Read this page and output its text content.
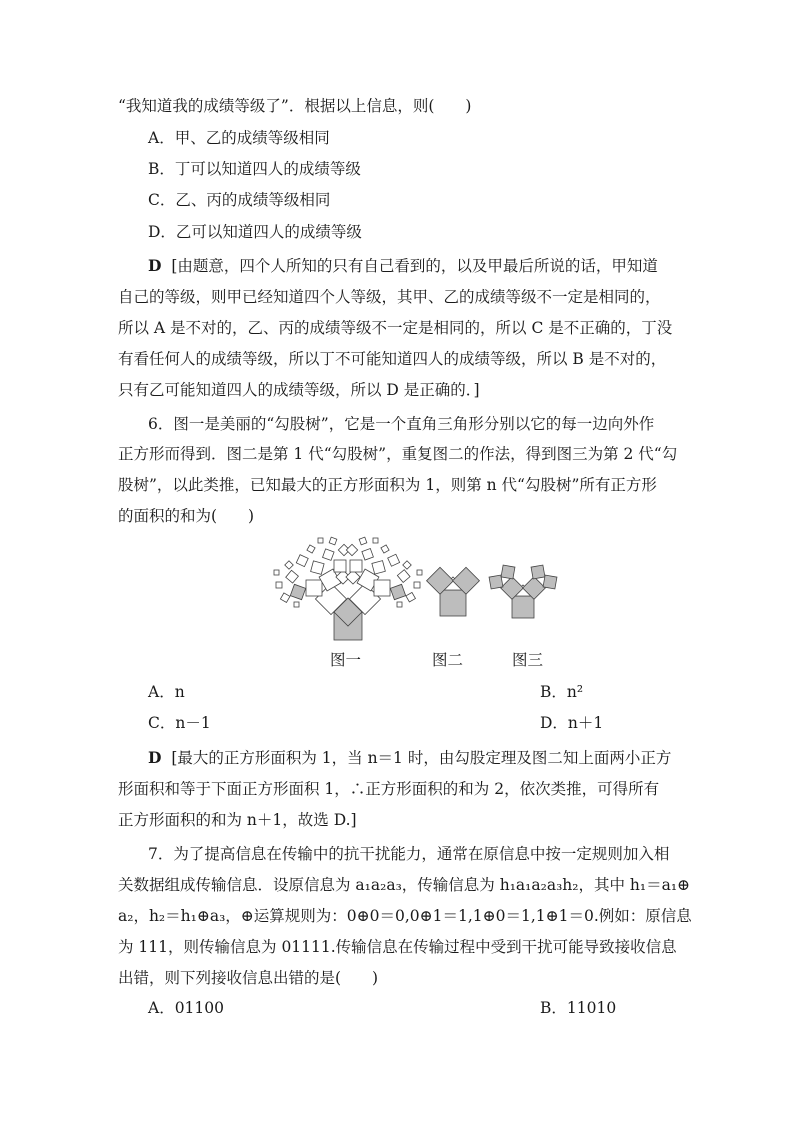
“我知道我的成绩等级了”．根据以上信息，则(　　)
A．甲、乙的成绩等级相同
B．丁可以知道四人的成绩等级
C．乙、丙的成绩等级相同
D．乙可以知道四人的成绩等级
D [由题意，四个人所知的只有自己看到的，以及甲最后所说的话，甲知道
自己的等级，则甲已经知道四个人等级，其甲、乙的成绩等级不一定是相同的，
所以 A 是不对的，乙、丙的成绩等级不一定是相同的，所以 C 是不正确的，丁没
有看任何人的成绩等级，所以丁不可能知道四人的成绩等级，所以 B 是不对的，
只有乙可能知道四人的成绩等级，所以 D 是正确的．]
6．图一是美丽的“勾股树”，它是一个直角三角形分别以它的每一边向外作
正方形而得到．图二是第 1 代“勾股树”，重复图二的作法，得到图三为第 2 代“勾
股树”，以此类推，已知最大的正方形面积为 1，则第 n 代“勾股树”所有正方形
的面积的和为(　　)
图一	图二	图三
A．n	B．n²
C．n－1	D．n＋1
D [最大的正方形面积为 1，当 n＝1 时，由勾股定理及图二知上面两小正方
形面积和等于下面正方形面积 1，∴正方形面积的和为 2，依次类推，可得所有
正方形面积的和为 n＋1，故选 D.]
7．为了提高信息在传输中的抗干扰能力，通常在原信息中按一定规则加入相
关数据组成传输信息．设原信息为 a₁a₂a₃，传输信息为 h₁a₁a₂a₃h₂，其中 h₁＝a₁⊕
a₂，h₂＝h₁⊕a₃，⊕运算规则为：0⊕0＝0,0⊕1＝1,1⊕0＝1,1⊕1＝0.例如：原信息
为 111，则传输信息为 01111.传输信息在传输过程中受到干扰可能导致接收信息
出错，则下列接收信息出错的是(　　)
A．01100	B．11010
